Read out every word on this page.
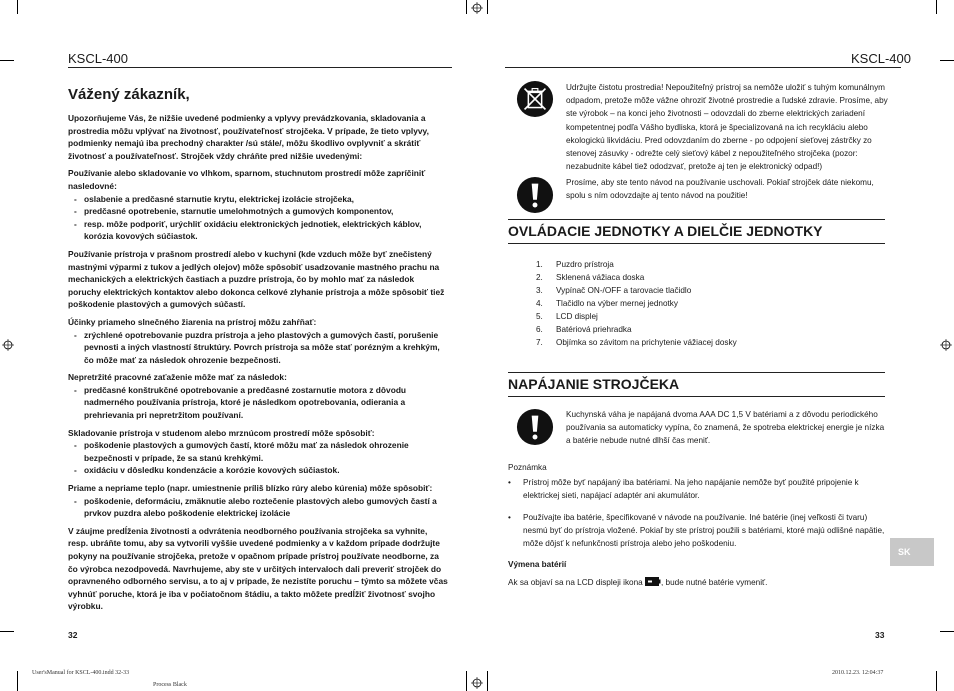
KSCL-400	KSCL-400
Vážený zákazník,

Upozorňujeme Vás, že nižšie uvedené podmienky a vplyvy prevádzkovania, skladovania a prostredia môžu vplývať na životnosť, používateľnosť strojčeka. V prípade, že tieto vplyvy, podmienky nemajú iba prechodný charakter /sú stále/, môžu škodlivo ovplyvniť a skrátiť životnosť a používateľnosť. Strojček vždy chráňte pred nižšie uvedenými:

Používanie alebo skladovanie vo vlhkom, sparnom, stuchnutom prostredí môže zapríčiniť nasledovné:

- oslabenie a predčasné starnutie krytu, elektrickej izolácie strojčeka,
- predčasné opotrebenie, starnutie umelohmotných a gumových komponentov,
- resp. môže podporiť, urýchliť oxidáciu elektronických jednotiek, elektrických káblov, korózia kovových súčiastok.

Používanie prístroja v prašnom prostredí alebo v kuchyni (kde vzduch môže byť znečistený mastnými výparmi z tukov a jedlých olejov) môže spôsobiť usadzovanie mastného prachu na mechanických a elektrických častiach a puzdre prístroja, čo by mohlo mať za následok poruchy elektrických kontaktov alebo dokonca celkové zlyhanie prístroja a môže spôsobiť tiež poškodenie plastových a gumových súčastí.

Účinky priameho slnečného žiarenia na prístroj môžu zahŕňať:

- zrýchlené opotrebovanie puzdra prístroja a jeho plastových a gumových častí, porušenie pevnosti a iných vlastností štruktúry. Povrch prístroja sa môže stať porézným a krehkým, čo môže mať za následok ohrozenie bezpečnosti.

Nepretržité pracovné zaťaženie môže mať za následok:

- predčasné konštrukčné opotrebovanie a predčasné zostarnutie motora z dôvodu nadmerného používania prístroja, ktoré je následkom opotrebovania, odierania a prehrievania pri nepretržitom používaní.

Skladovanie prístroja v studenom alebo mrznúcom prostredí môže spôsobiť:

- poškodenie plastových a gumových častí, ktoré môžu mať za následok ohrozenie bezpečnosti v prípade, že sa stanú krehkými.
- oxidáciu v dôsledku kondenzácie a korózie kovových súčiastok.

Priame a nepriame teplo (napr. umiestnenie príliš blízko rúry alebo kúrenia) môže spôsobiť:

- poškodenie, deformáciu, zmäknutie alebo roztečenie plastových alebo gumových častí a prvkov puzdra alebo poškodenie elektrickej izolácie

V záujme predĺženia životnosti a odvrátenia neodborného používania strojčeka sa vyhnite, resp. ubráňte tomu, aby sa vytvorili vyššie uvedené podmienky a v každom prípade dodržujte pokyny na používanie strojčeka, pretože v opačnom prípade prístroj používate neodborne, za čo výrobca nezodpovedá. Navrhujeme, aby ste v určitých intervaloch dali preveriť strojček do opravneného odborného servisu, a to aj v prípade, že nezistíte poruchu – týmto sa môžete včas vyhnúť poruche, ktorá je iba v počiatočnom štádiu, a takto môžete predĺžiť životnosť svojho výrobku.

Udržujte čistotu prostredia! Nepoužiteľný prístroj sa nemôže uložiť s tuhým komunálnym odpadom, pretože môže vážne ohroziť životné prostredie a ľudské zdravie. Prosíme, aby ste výrobok – na konci jeho životnosti – odovzdali do zberne elektrických zariadení kompetentnej podľa Vášho bydliska, ktorá je špecializovaná na ich recykláciu alebo ekologickú likvidáciu. Pred odovzdaním do zberne - po odpojení sieťovej zástrčky zo stenovej zásuvky - odrežte celý sieťový kábel z nepoužiteľného strojčeka (pozor: nezabudnite kábel tiež ododzvať, pretože aj ten je elektronický odpad!)
Prosíme, aby ste tento návod na používanie uschovali. Pokiaľ strojček dáte niekomu, spolu s ním odovzdajte aj tento návod na použitie!
OVLÁDACIE JEDNOTKY A DIELČIE JEDNOTKY
1. Puzdro prístroja
2. Sklenená vážiaca doska
3. Vypínač ON-/OFF a tarovacie tlačidlo
4. Tlačidlo na výber mernej jednotky
5. LCD displej
6. Batériová priehradka
7. Objímka so závitom na prichytenie vážiacej dosky
NAPÁJANIE STROJČEKA
Kuchynská váha je napájaná dvoma AAA DC 1,5 V batériami a z dôvodu periodického používania sa automaticky vypína, čo znamená, že spotreba elektrickej energie je nízka a batérie nebude nutné dlhší čas meniť.
Poznámka
• Prístroj môže byť napájaný iba batériami. Na jeho napájanie nemôže byť použité pripojenie k elektrickej sieti, napájací adaptér ani akumulátor.
• Používajte iba batérie, špecifikované v návode na používanie. Iné batérie (inej veľkosti či tvaru) nesmú byť do prístroja vložené. Pokiaľ by ste prístroj použili s batériami, ktoré majú odlišné napätie, môže dôjsť k nefunkčnosti prístroja alebo jeho poškodeniu.
Výmena batérií
Ak sa objaví sa na LCD displeji ikona , bude nutné batérie vymeniť.
SK
32	33
User'sManual for KSCL-400.indd 32-33
Process Black
2010.12.23. 12:04:37
